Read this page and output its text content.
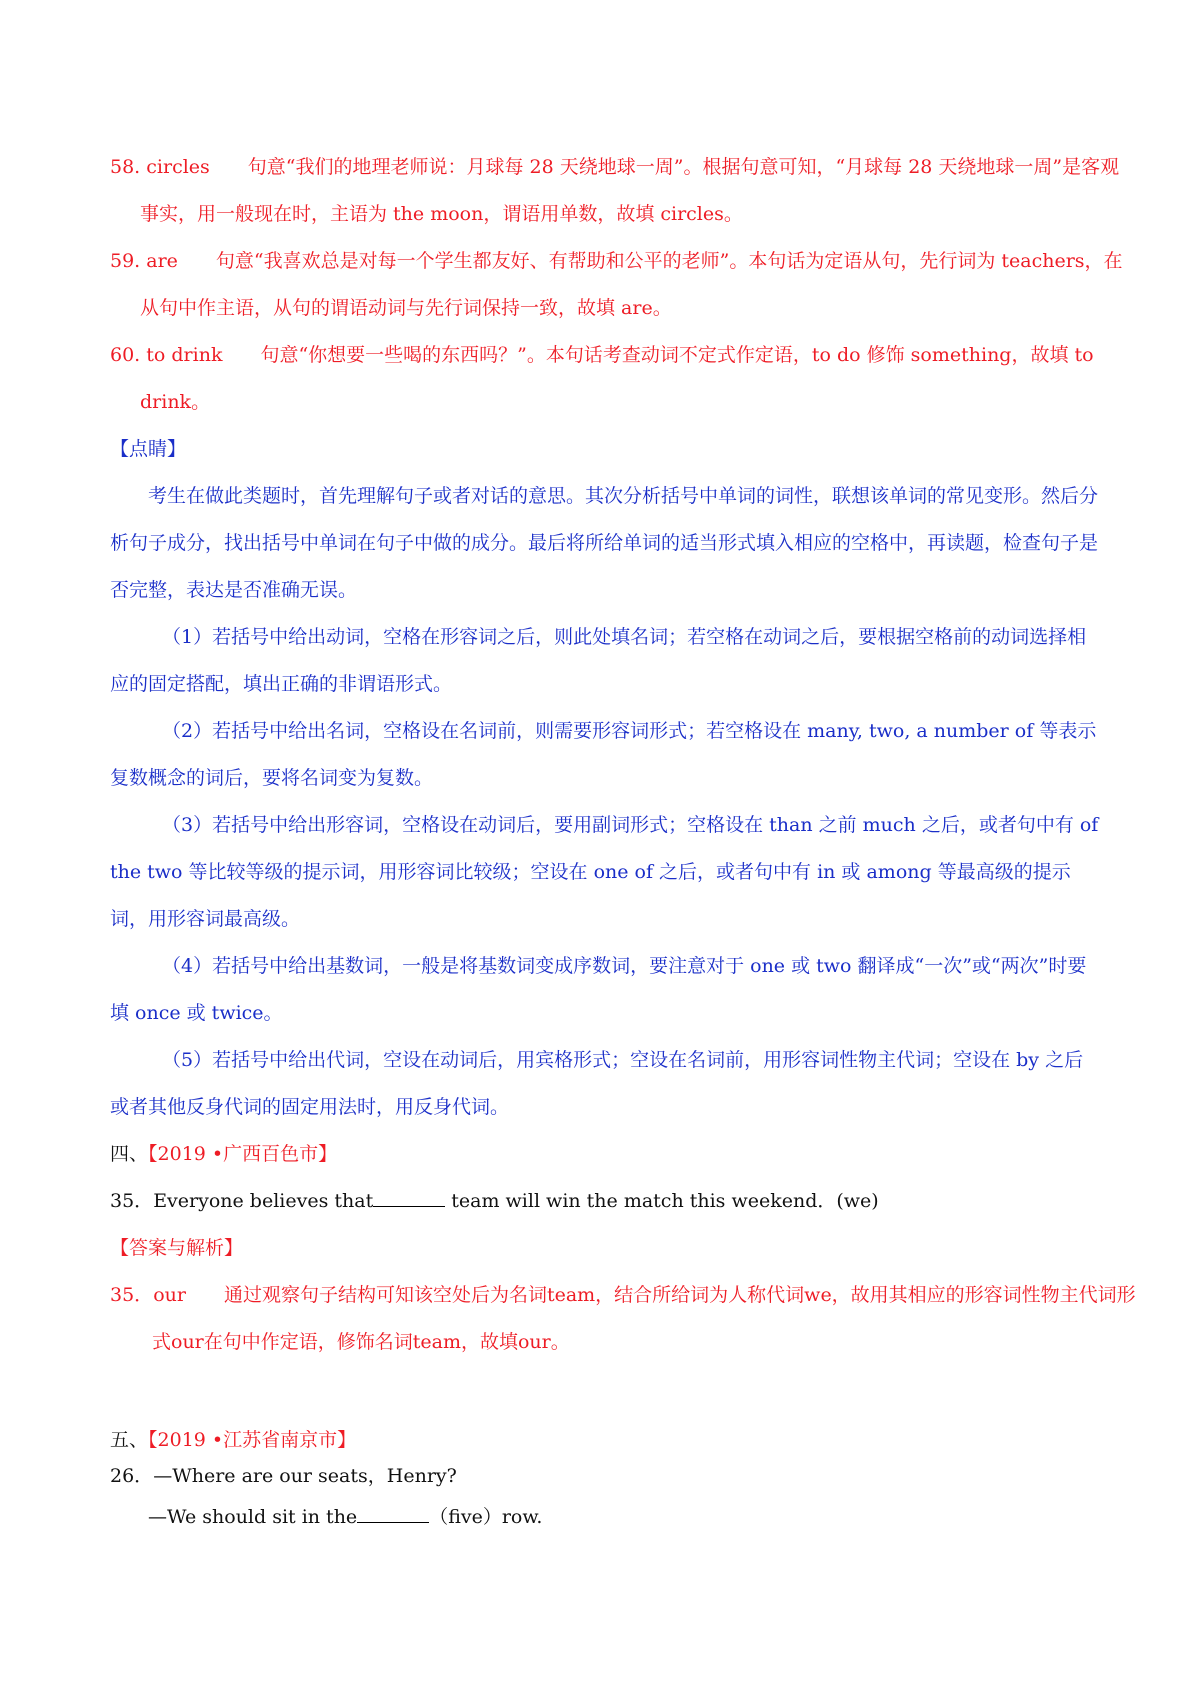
58. circles 句意“我们的地理老师说：月球每 28 天绕地球一周”。根据句意可知，“月球每 28 天绕地球一周”是客观事实，用一般现在时，主语为 the moon，谓语用单数，故填 circles。

59. are 句意“我喜欢总是对每一个学生都友好、有帮助和公平的老师”。本句话为定语从句，先行词为 teachers，在从句中作主语，从句的谓语动词与先行词保持一致，故填 are。

60. to drink 句意“你想要一些喝的东西吗？”。本句话考查动词不定式作定语，to do 修饰 something，故填 to drink。

【点睛】

考生在做此类题时，首先理解句子或者对话的意思。其次分析括号中单词的词性，联想该单词的常见变形。然后分析句子成分，找出括号中单词在句子中做的成分。最后将所给单词的适当形式填入相应的空格中，再读题，检查句子是否完整，表达是否准确无误。

（1）若括号中给出动词，空格在形容词之后，则此处填名词；若空格在动词之后，要根据空格前的动词选择相应的固定搭配，填出正确的非谓语形式。

（2）若括号中给出名词，空格设在名词前，则需要形容词形式；若空格设在 many, two, a number of 等表示复数概念的词后，要将名词变为复数。

（3）若括号中给出形容词，空格设在动词后，要用副词形式；空格设在 than 之前 much 之后，或者句中有 of the two 等比较等级的提示词，用形容词比较级；空设在 one of 之后，或者句中有 in 或 among 等最高级的提示词，用形容词最高级。

（4）若括号中给出基数词，一般是将基数词变成序数词，要注意对于 one 或 two 翻译成“一次”或“两次”时要填 once 或 twice。

（5）若括号中给出代词，空设在动词后，用宾格形式；空设在名词前，用形容词性物主代词；空设在 by 之后或者其他反身代词的固定用法时，用反身代词。

四、【2019 •广西百色市】

35．Everyone believes that	team will win the match this weekend．(we)

【答案与解析】

35．our 通过观察句子结构可知该空处后为名词team，结合所给词为人称代词we，故用其相应的形容词性物主代词形式our在句中作定语，修饰名词team，故填our。

五、【2019 •江苏省南京市】

26．—Where are our seats，Henry?

—We should sit in the	（five）row.
